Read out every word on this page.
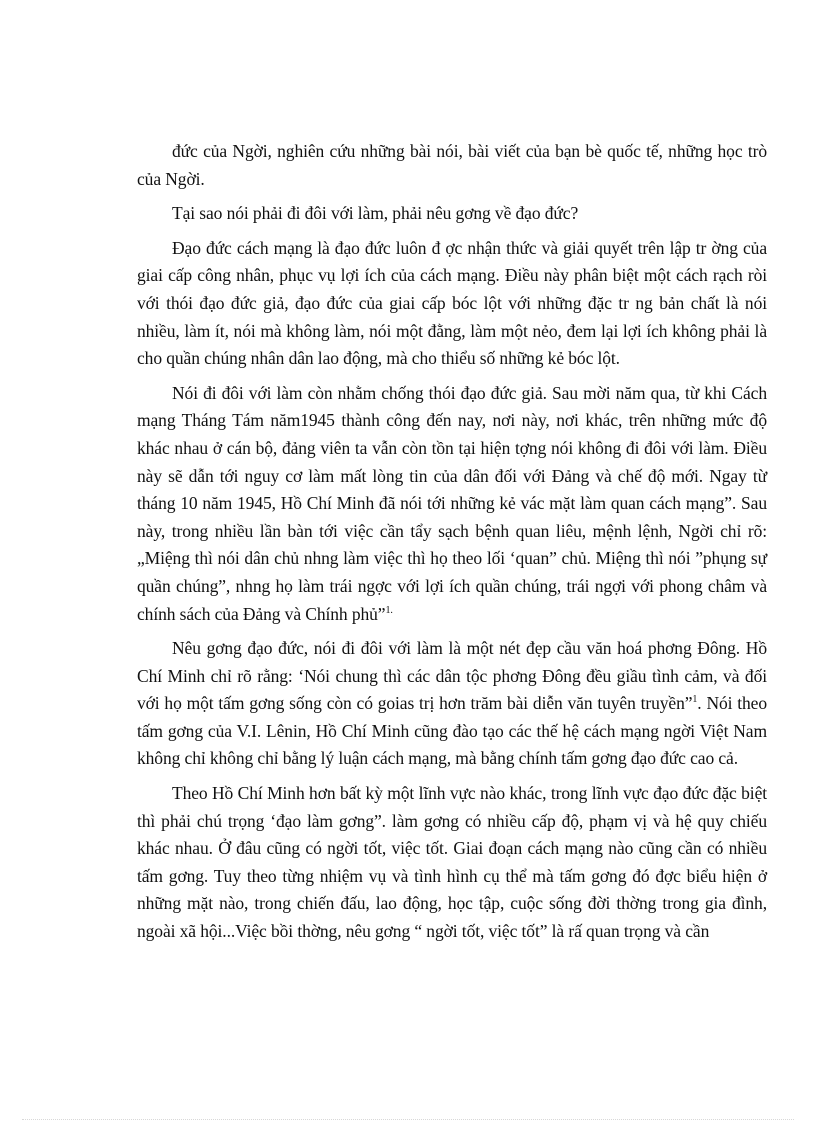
đức của Ngời, nghiên cứu những bài nói, bài viết của bạn bè quốc tế, những học trò của Ngời.

Tại sao nói phải đi đôi với làm, phải nêu gơng về đạo đức?

Đạo đức cách mạng là đạo đức luôn đ ợc nhận thức và giải quyết trên lập tr ờng của giai cấp công nhân, phục vụ lợi ích của cách mạng. Điều này phân biệt một cách rạch ròi với thói đạo đức giả, đạo đức của giai cấp bóc lột với những đặc tr ng bản chất là nói nhiều, làm ít, nói mà không làm, nói một đằng, làm một nẻo, đem lại lợi ích không phải là cho quần chúng nhân dân lao động, mà cho thiểu số những kẻ bóc lột.

Nói đi đôi với làm còn nhằm chống thói đạo đức giả. Sau mời năm qua, từ khi Cách mạng Tháng Tám năm1945 thành công đến nay, nơi này, nơi khác, trên những mức độ khác nhau ở cán bộ, đảng viên ta vẫn còn tồn tại hiện tợng nói không đi đôi với làm. Điều này sẽ dẫn tới nguy cơ làm mất lòng tin của dân đối với Đảng và chế độ mới. Ngay từ tháng 10 năm 1945, Hồ Chí Minh đã nói tới những kẻ vác mặt làm quan cách mạng”. Sau này, trong nhiều lần bàn tới việc cần tẩy sạch bệnh quan liêu, mệnh lệnh, Ngời chỉ rõ: „Miệng thì nói dân chủ nhng làm việc thì họ theo lối ‘quan” chủ. Miệng thì nói ”phụng sự quần chúng”, nhng họ làm trái ngợc với lợi ích quần chúng, trái ngợi với phong châm và chính sách của Đảng và Chính phủ”$^{1.}$

Nêu gơng đạo đức, nói đi đôi với làm là một nét đẹp cầu văn hoá phơng Đông. Hồ Chí Minh chỉ rõ rằng: ‘Nói chung thì các dân tộc phơng Đông đều giầu tình cảm, và đối với họ một tấm gơng sống còn có goias trị hơn trăm bài diễn văn tuyên truyền”$^1$. Nói theo tấm gơng của V.I. Lênin, Hồ Chí Minh cũng đào tạo các thế hệ cách mạng ngời Việt Nam không chỉ không chỉ bằng lý luận cách mạng, mà bằng chính tấm gơng đạo đức cao cả.

Theo Hồ Chí Minh hơn bất kỳ một lĩnh vực nào khác, trong lĩnh vực đạo đức đặc biệt thì phải chú trọng ‘đạo làm gơng”. làm gơng có nhiều cấp độ, phạm vị và hệ quy chiếu khác nhau. Ở đâu cũng có ngời tốt, việc tốt. Giai đoạn cách mạng nào cũng cần có nhiều tấm gơng. Tuy theo từng nhiệm vụ và tình hình cụ thể mà tấm gơng đó đợc biểu hiện ở những mặt nào, trong chiến đấu, lao động, học tập, cuộc sống đời thờng trong gia đình, ngoài xã hội...Việc bồi thờng, nêu gơng “ ngời tốt, việc tốt” là rấ quan trọng và cần
